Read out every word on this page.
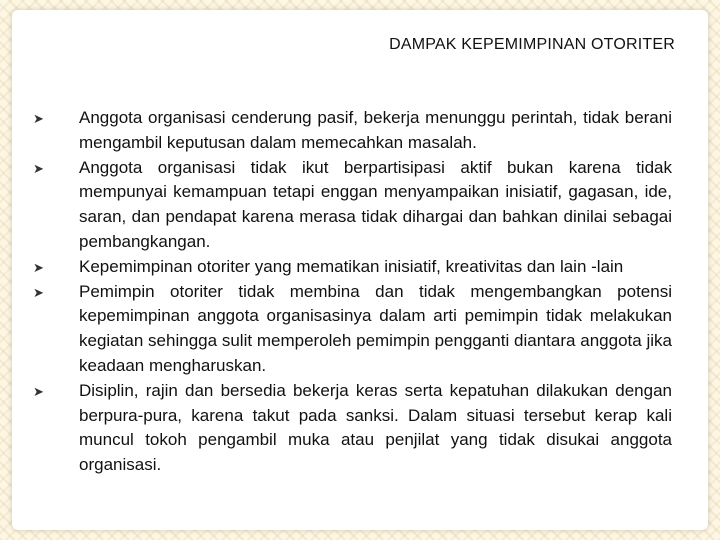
DAMPAK KEPEMIMPINAN OTORITER
➤ Anggota organisasi cenderung pasif, bekerja menunggu perintah, tidak berani mengambil keputusan dalam memecahkan masalah.
➤ Anggota organisasi tidak ikut berpartisipasi aktif bukan karena tidak mempunyai kemampuan tetapi enggan menyampaikan inisiatif, gagasan, ide, saran, dan pendapat karena merasa tidak dihargai dan bahkan dinilai sebagai pembangkangan.
➤ Kepemimpinan otoriter yang mematikan inisiatif, kreativitas dan lain -lain
➤ Pemimpin otoriter tidak membina dan tidak mengembangkan potensi kepemimpinan anggota organisasinya dalam arti pemimpin tidak melakukan kegiatan sehingga sulit memperoleh pemimpin pengganti diantara anggota jika keadaan mengharuskan.
➤ Disiplin, rajin dan bersedia bekerja keras serta kepatuhan dilakukan dengan berpura-pura, karena takut pada sanksi. Dalam situasi tersebut kerap kali muncul tokoh pengambil muka atau penjilat yang tidak disukai anggota organisasi.
